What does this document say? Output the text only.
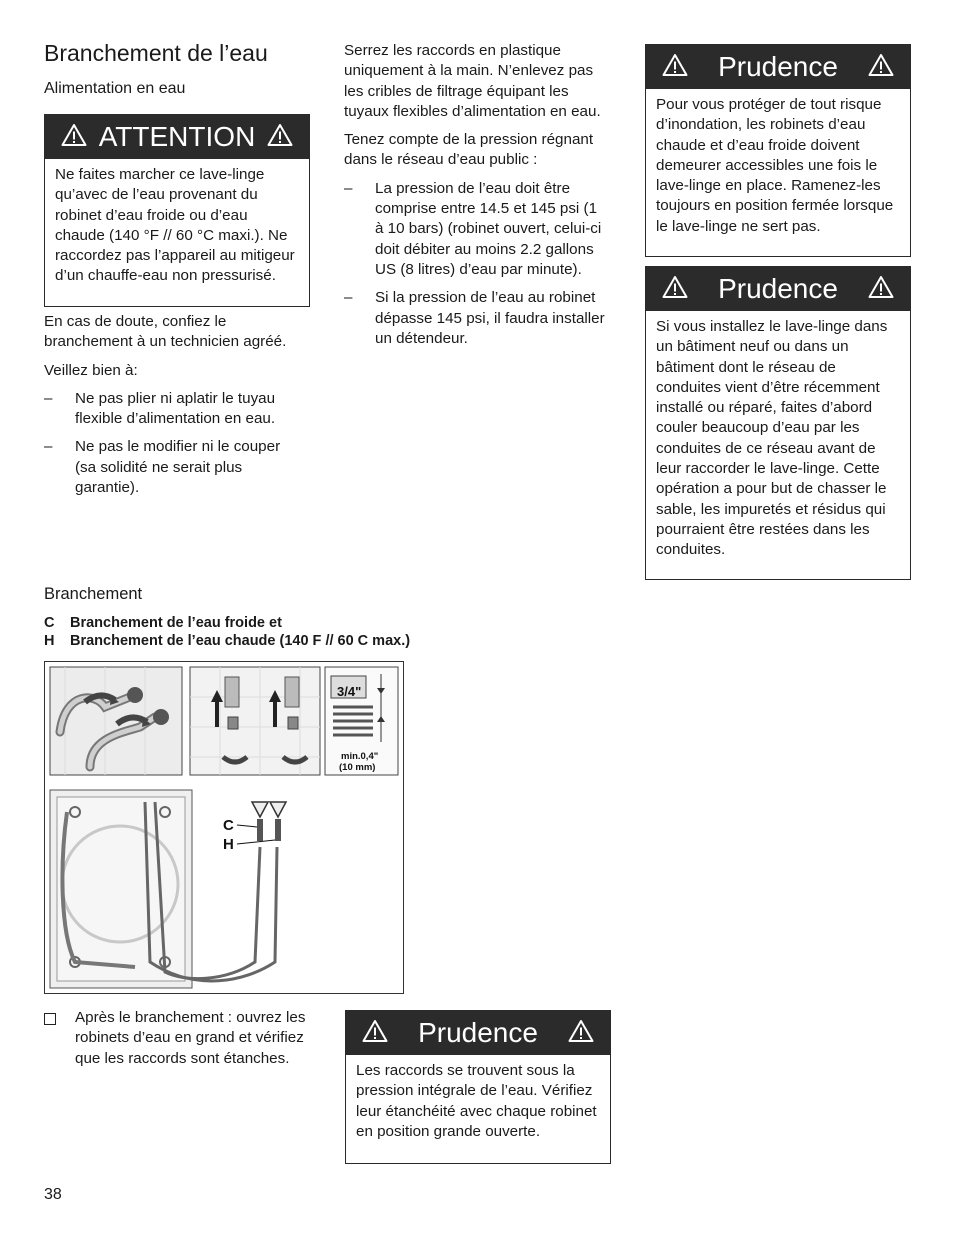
Branchement de l’eau
Alimentation en eau
ATTENTION
Ne faites marcher ce lave-linge qu’avec de l’eau provenant du robinet d’eau froide ou d’eau chaude (140 °F // 60 °C maxi.). Ne raccordez pas l’appareil au mitigeur d’un chauffe-eau non pressurisé.
En cas de doute, confiez le branchement à un technicien agréé.
Veillez bien à:
– Ne pas plier ni aplatir le tuyau flexible d’alimentation en eau.
– Ne pas le modifier ni le couper (sa solidité ne serait plus garantie).
Serrez les raccords en plastique uniquement à la main. N’enlevez pas les cribles de filtrage équipant les tuyaux flexibles d’alimentation en eau.
Tenez compte de la pression régnant dans le réseau d’eau public :
– La pression de l’eau doit être comprise entre 14.5 et 145 psi (1 à 10 bars) (robinet ouvert, celui-ci doit débiter au moins 2.2 gallons US (8 litres) d’eau par minute).
– Si la pression de l’eau au robinet dépasse 145 psi, il faudra installer un détendeur.
Prudence
Pour vous protéger de tout risque d’inondation, les robinets d’eau chaude et d’eau froide doivent demeurer accessibles une fois le lave-linge en place. Ramenez-les toujours en position fermée lorsque le lave-linge ne sert pas.
Prudence
Si vous installez le lave-linge dans un bâtiment neuf ou dans un bâtiment dont le réseau de conduites vient d’être récemment installé ou réparé, faites d’abord couler beaucoup d’eau par les conduites de ce réseau avant de leur raccorder le lave-linge. Cette opération a pour but de chasser le sable, les impuretés et résidus qui pourraient être restées dans les conduites.
Branchement
C Branchement de l’eau froide et
H Branchement de l’eau chaude (140 F // 60 C max.)
3/4"
min.0,4"
(10 mm)
C
H
Après le branchement : ouvrez les robinets d’eau en grand et vérifiez que les raccords sont étanches.
Prudence
Les raccords se trouvent sous la pression intégrale de l’eau. Vérifiez leur étanchéité avec chaque robinet en position grande ouverte.
38
